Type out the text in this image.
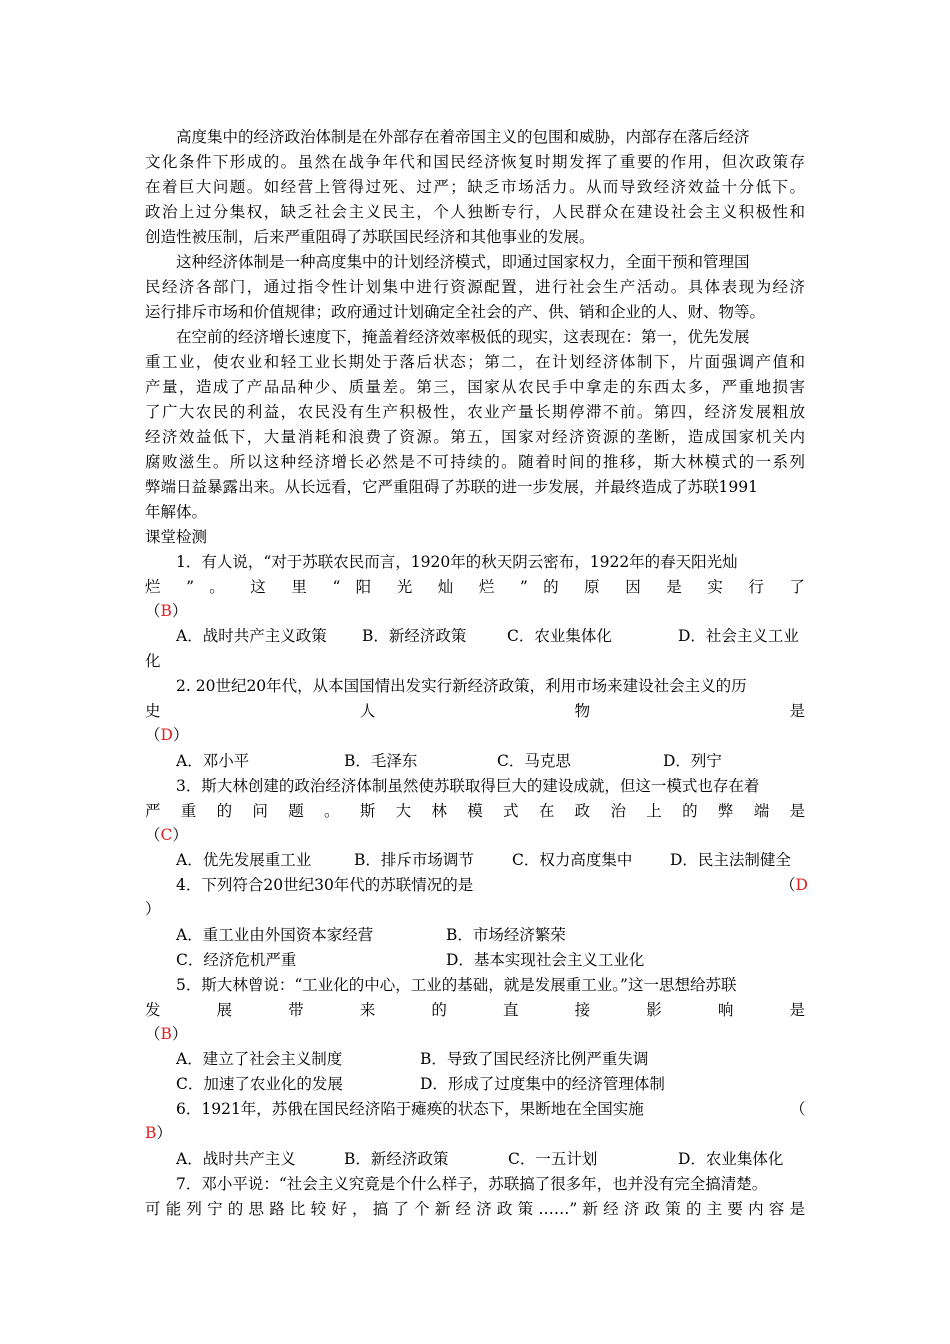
高度集中的经济政治体制是在外部存在着帝国主义的包围和威胁，内部存在落后经济
文化条件下形成的。虽然在战争年代和国民经济恢复时期发挥了重要的作用，但次政策存
在着巨大问题。如经营上管得过死、过严；缺乏市场活力。从而导致经济效益十分低下。
政治上过分集权，缺乏社会主义民主，个人独断专行，人民群众在建设社会主义积极性和
创造性被压制，后来严重阻碍了苏联国民经济和其他事业的发展。
这种经济体制是一种高度集中的计划经济模式，即通过国家权力，全面干预和管理国
民经济各部门，通过指令性计划集中进行资源配置，进行社会生产活动。具体表现为经济
运行排斥市场和价值规律；政府通过计划确定全社会的产、供、销和企业的人、财、物等。
在空前的经济增长速度下，掩盖着经济效率极低的现实，这表现在：第一，优先发展
重工业，使农业和轻工业长期处于落后状态；第二，在计划经济体制下，片面强调产值和
产量，造成了产品品种少、质量差。第三，国家从农民手中拿走的东西太多，严重地损害
了广大农民的利益，农民没有生产积极性，农业产量长期停滞不前。第四，经济发展粗放
经济效益低下，大量消耗和浪费了资源。第五，国家对经济资源的垄断，造成国家机关内
腐败滋生。所以这种经济增长必然是不可持续的。随着时间的推移，斯大林模式的一系列
弊端日益暴露出来。从长远看，它严重阻碍了苏联的进一步发展，并最终造成了苏联1991
年解体。
课堂检测
1．有人说，“对于苏联农民而言，1920年的秋天阴云密布，1922年的春天阳光灿
烂 ” 。 这 里 “ 阳 光 灿 烂 ” 的 原 因 是 实 行 了
（B）
A．战时共产主义政策 B．新经济政策	C．农业集体化	D．社会主义工业
化
2. 20世纪20年代，从本国国情出发实行新经济政策，利用市场来建设社会主义的历
史 人 物 是
（D）
A．邓小平	B．毛泽东	C．马克思	D．列宁
3．斯大林创建的政治经济体制虽然使苏联取得巨大的建设成就，但这一模式也存在着
严 重 的 问 题 。 斯 大 林 模 式 在 政 治 上 的 弊 端 是
（C）
A．优先发展重工业	B．排斥市场调节 C．权力高度集中 D．民主法制健全
4．下列符合20世纪30年代的苏联情况的是	（D
）
A．重工业由外国资本家经营	B．市场经济繁荣
C．经济危机严重	D．基本实现社会主义工业化
5．斯大林曾说：“工业化的中心，工业的基础，就是发展重工业。”这一思想给苏联
发 展 带 来 的 直 接 影 响 是
（B）
A．建立了社会主义制度	B．导致了国民经济比例严重失调
C．加速了农业化的发展	D．形成了过度集中的经济管理体制
6．1921年，苏俄在国民经济陷于瘫痪的状态下，果断地在全国实施	（
B）
A．战时共产主义	B．新经济政策	C．一五计划	D．农业集体化
7．邓小平说：“社会主义究竟是个什么样子，苏联搞了很多年，也并没有完全搞清楚。
可能列宁的思路比较好，搞了个新经济政策……”新经济政策的主要内容是
